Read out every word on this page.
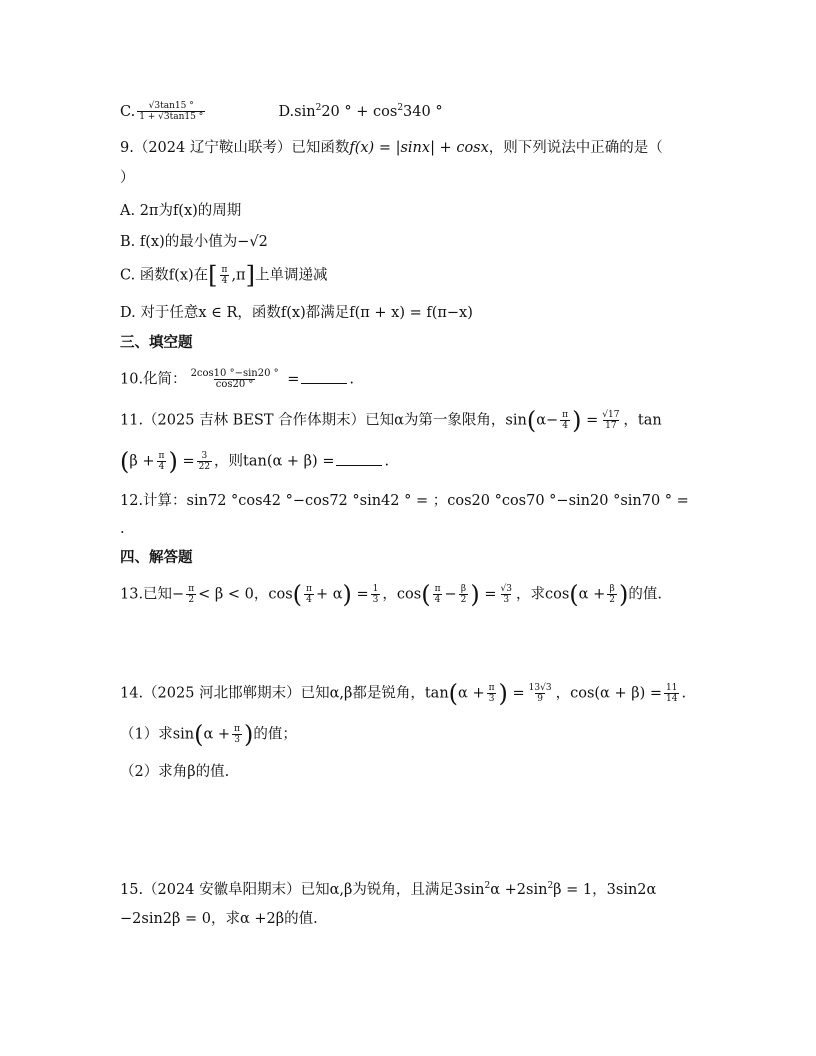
C. $\frac{√3\tan 15 ^\circ}{1 + √3\tan 15 ^\circ}$	$D.\sin^220$ ° + $\cos^2340$ °
9.（2024 辽宁鞍山联考）已知函数f(x) = |sinx| + cosx，则下列说法中正确的是（
）
A. 2π为f(x)的周期
B. f(x)的最小值为−√2
C. 函数f(x)在[ $\frac{\pi}{4} ,\pi$]上单调递减
D. 对于任意x ∈ R，函数f(x)都满足f(π + x) = f(π−x)
三、填空题
10.化简： $\frac{2\cos 10 ^\circ-\sin 20 ^\circ}{\cos 20 ^\circ}$ =	.
11.（2025 吉林 BEST 合作体期末）已知α为第一象限角，$\sin(\alpha- \frac{\pi}{4}$ ) = $\frac{√17}{17}$ ，tan
($\beta + \frac{\pi}{4}$ ) = $\frac{3}{22}$ ，则tan(α + β) =	.
12.计算：sin72 °cos42 °−cos72 °sin42 ° = ；cos20 °cos70 °−sin20 °sin70 ° =
.
四、解答题
13.已知− $\frac{\pi}{2} < \beta < 0$，$\cos( \frac{\pi}{4} + \alpha) = \frac{1}{3}$ ，$\cos( \frac{\pi}{4} - \frac{\beta}{2}$ ) = $\frac{√3}{3}$ ，求$\cos(\alpha + \frac{\beta}{2}$ )的值.
14.（2025 河北邯郸期末）已知α,β都是锐角，$\tan(\alpha + \frac{\pi}{3}$ ) = $\frac{13√3}{9}$ ，$\cos(\alpha + \beta) = \frac{11}{14}$ .
（1）求$\sin(\alpha + \frac{\pi}{3}$ )的值；
（2）求角β的值.
15.（2024 安徽阜阳期末）已知α,β为锐角，且满足$3\sin^2\alpha +2\sin^2\beta = 1$，3sin2α
−2sin2β = 0，求α +2β的值.
